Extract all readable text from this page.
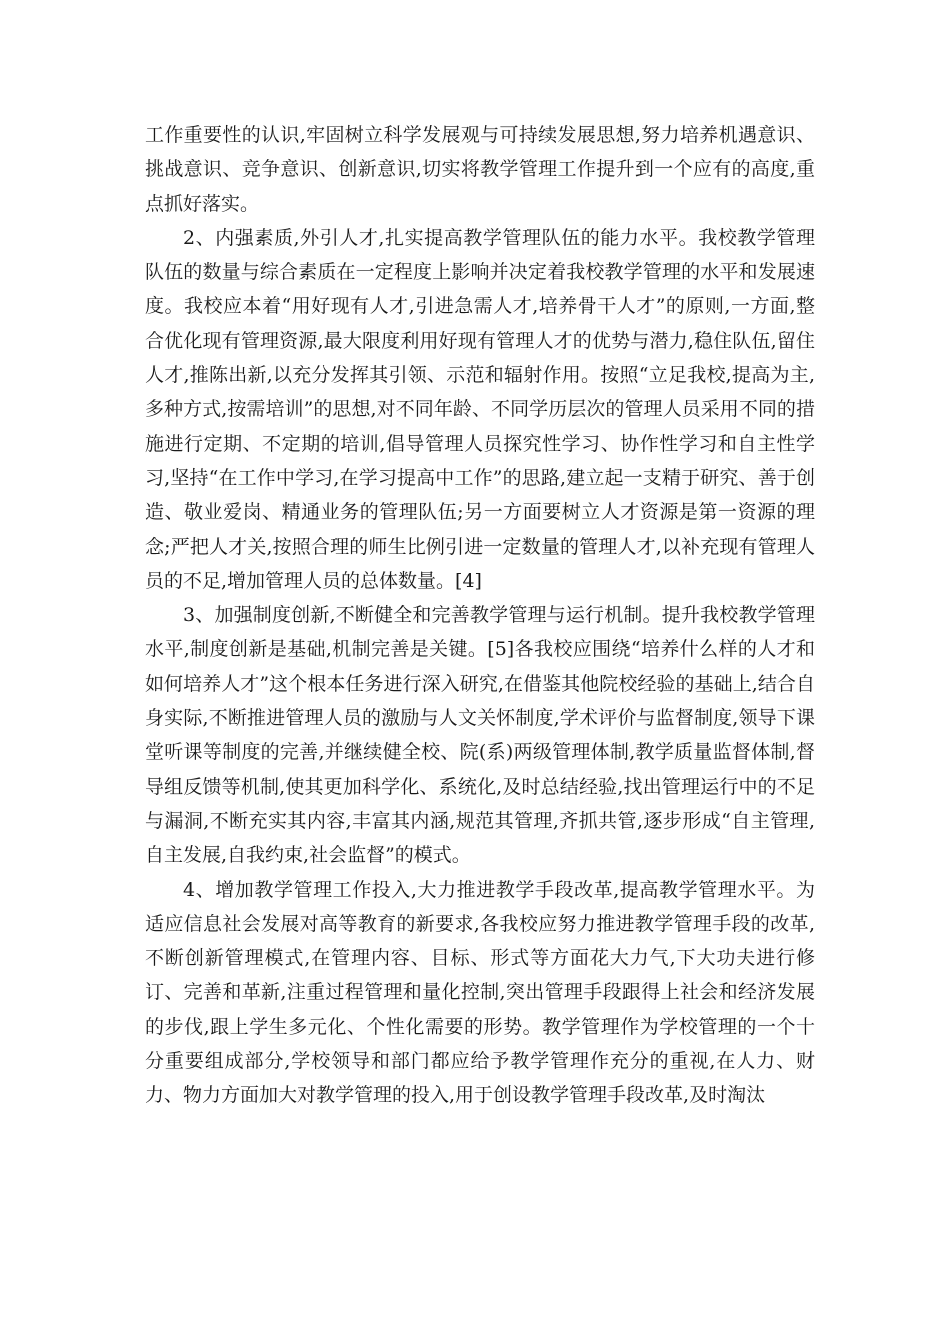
工作重要性的认识,牢固树立科学发展观与可持续发展思想,努力培养机遇意识、挑战意识、竞争意识、创新意识,切实将教学管理工作提升到一个应有的高度,重点抓好落实。

2、内强素质,外引人才,扎实提高教学管理队伍的能力水平。我校教学管理队伍的数量与综合素质在一定程度上影响并决定着我校教学管理的水平和发展速度。我校应本着“用好现有人才,引进急需人才,培养骨干人才”的原则,一方面,整合优化现有管理资源,最大限度利用好现有管理人才的优势与潜力,稳住队伍,留住人才,推陈出新,以充分发挥其引领、示范和辐射作用。按照“立足我校,提高为主,多种方式,按需培训”的思想,对不同年龄、不同学历层次的管理人员采用不同的措施进行定期、不定期的培训,倡导管理人员探究性学习、协作性学习和自主性学习,坚持“在工作中学习,在学习提高中工作”的思路,建立起一支精于研究、善于创造、敬业爱岗、精通业务的管理队伍;另一方面要树立人才资源是第一资源的理念;严把人才关,按照合理的师生比例引进一定数量的管理人才,以补充现有管理人员的不足,增加管理人员的总体数量。[4]

3、加强制度创新,不断健全和完善教学管理与运行机制。提升我校教学管理水平,制度创新是基础,机制完善是关键。[5]各我校应围绕“培养什么样的人才和如何培养人才”这个根本任务进行深入研究,在借鉴其他院校经验的基础上,结合自身实际,不断推进管理人员的激励与人文关怀制度,学术评价与监督制度,领导下课堂听课等制度的完善,并继续健全校、院(系)两级管理体制,教学质量监督体制,督导组反馈等机制,使其更加科学化、系统化,及时总结经验,找出管理运行中的不足与漏洞,不断充实其内容,丰富其内涵,规范其管理,齐抓共管,逐步形成“自主管理,自主发展,自我约束,社会监督”的模式。

4、增加教学管理工作投入,大力推进教学手段改革,提高教学管理水平。为适应信息社会发展对高等教育的新要求,各我校应努力推进教学管理手段的改革,不断创新管理模式,在管理内容、目标、形式等方面花大力气,下大功夫进行修订、完善和革新,注重过程管理和量化控制,突出管理手段跟得上社会和经济发展的步伐,跟上学生多元化、个性化需要的形势。教学管理作为学校管理的一个十分重要组成部分,学校领导和部门都应给予教学管理作充分的重视,在人力、财力、物力方面加大对教学管理的投入,用于创设教学管理手段改革,及时淘汰
